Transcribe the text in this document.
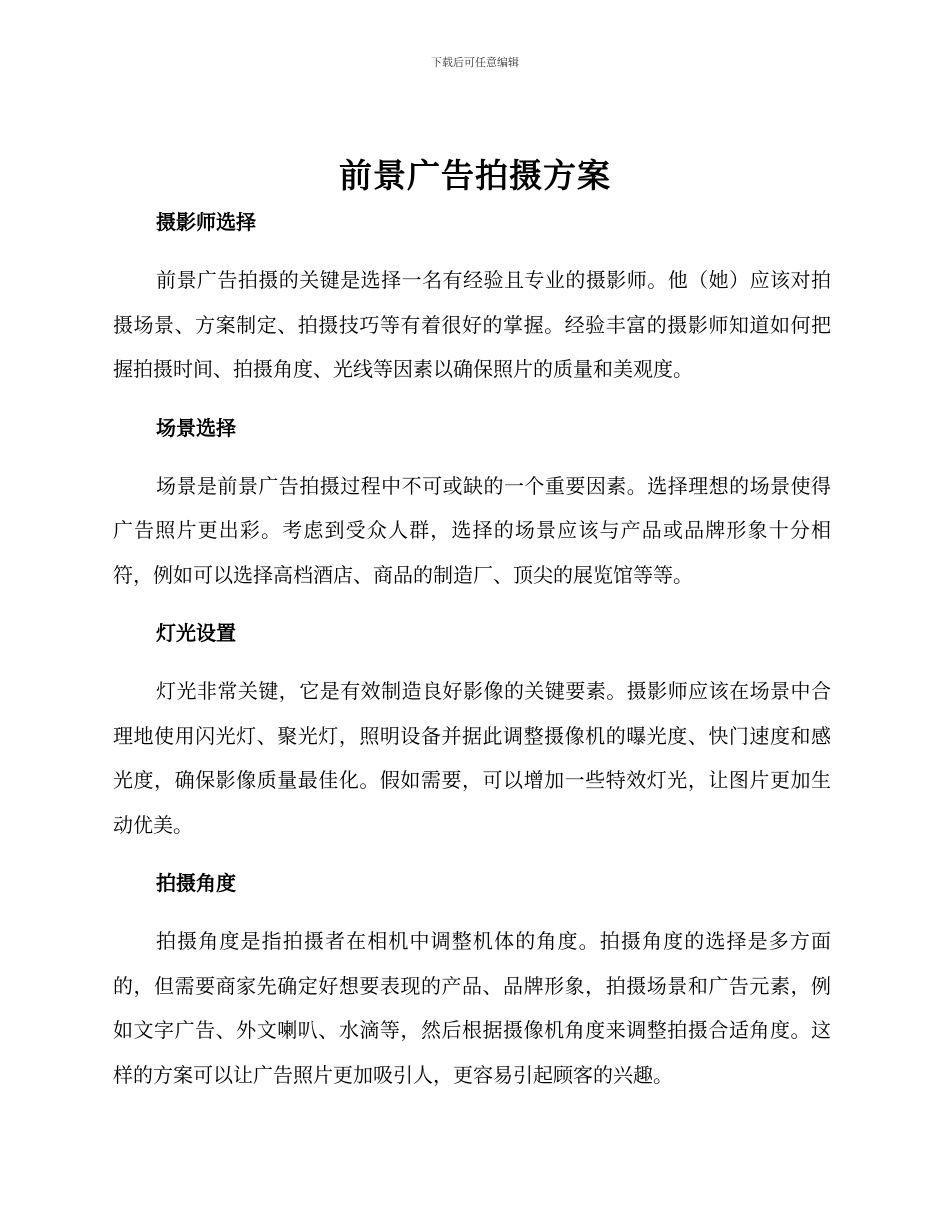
下载后可任意编辑
前景广告拍摄方案
摄影师选择

前景广告拍摄的关键是选择一名有经验且专业的摄影师。他（她）应该对拍摄场景、方案制定、拍摄技巧等有着很好的掌握。经验丰富的摄影师知道如何把握拍摄时间、拍摄角度、光线等因素以确保照片的质量和美观度。

场景选择

场景是前景广告拍摄过程中不可或缺的一个重要因素。选择理想的场景使得广告照片更出彩。考虑到受众人群，选择的场景应该与产品或品牌形象十分相符，例如可以选择高档酒店、商品的制造厂、顶尖的展览馆等等。

灯光设置

灯光非常关键，它是有效制造良好影像的关键要素。摄影师应该在场景中合理地使用闪光灯、聚光灯，照明设备并据此调整摄像机的曝光度、快门速度和感光度，确保影像质量最佳化。假如需要，可以增加一些特效灯光，让图片更加生动优美。

拍摄角度

拍摄角度是指拍摄者在相机中调整机体的角度。拍摄角度的选择是多方面的，但需要商家先确定好想要表现的产品、品牌形象，拍摄场景和广告元素，例如文字广告、外文喇叭、水滴等，然后根据摄像机角度来调整拍摄合适角度。这样的方案可以让广告照片更加吸引人，更容易引起顾客的兴趣。
